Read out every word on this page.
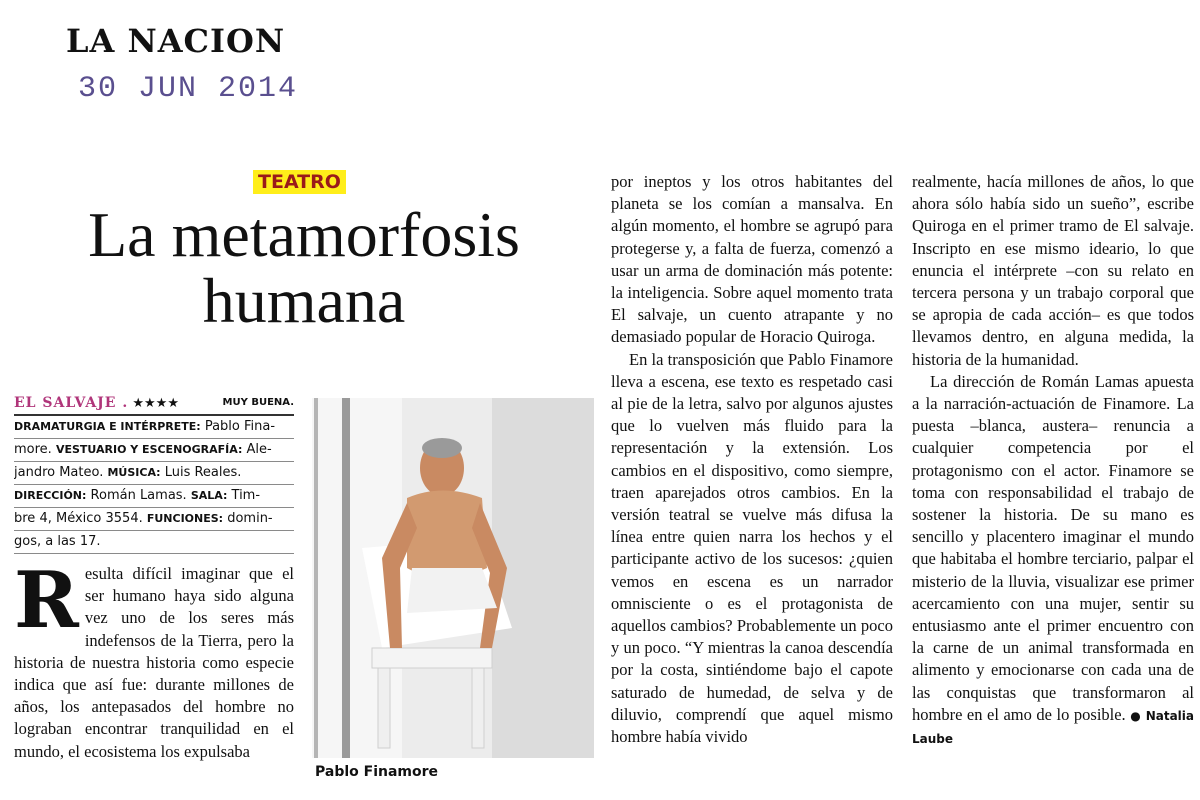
LA NACION
30 JUN 2014
TEATRO
La metamorfosis
humana
EL SALVAJE . ★★★★	MUY BUENA.
DRAMATURGIA E INTÉRPRETE: Pablo Fina-
more. VESTUARIO Y ESCENOGRAFÍA: Ale-
jandro Mateo. MÚSICA: Luis Reales.
DIRECCIÓN: Román Lamas. SALA: Tim-
bre 4, México 3554. FUNCIONES: domin-
gos, a las 17.
R esulta difícil imaginar que el ser humano haya sido alguna vez uno de los seres más indefensos de la Tierra, pero la historia de nuestra historia como especie indica que así fue: durante millones de años, los antepasados del hombre no lograban encontrar tranquilidad en el mundo, el ecosistema los expulsaba

Pablo Finamore

por ineptos y los otros habitantes del planeta se los comían a mansalva. En algún momento, el hombre se agrupó para protegerse y, a falta de fuerza, comenzó a usar un arma de dominación más potente: la inteligencia. Sobre aquel momento trata El salvaje, un cuento atrapante y no demasiado popular de Horacio Quiroga.

En la transposición que Pablo Finamore lleva a escena, ese texto es respetado casi al pie de la letra, salvo por algunos ajustes que lo vuelven más fluido para la representación y la extensión. Los cambios en el dispositivo, como siempre, traen aparejados otros cambios. En la versión teatral se vuelve más difusa la línea entre quien narra los hechos y el participante activo de los sucesos: ¿quien vemos en escena es un narrador omnisciente o es el protagonista de aquellos cambios? Probablemente un poco y un poco. “Y mientras la canoa descendía por la costa, sintiéndome bajo el capote saturado de humedad, de selva y de diluvio, comprendí que aquel mismo hombre había vivido

realmente, hacía millones de años, lo que ahora sólo había sido un sueño”, escribe Quiroga en el primer tramo de El salvaje. Inscripto en ese mismo ideario, lo que enuncia el intérprete –con su relato en tercera persona y un trabajo corporal que se apropia de cada acción– es que todos llevamos dentro, en alguna medida, la historia de la humanidad.

La dirección de Román Lamas apuesta a la narración-actuación de Finamore. La puesta –blanca, austera– renuncia a cualquier competencia por el protagonismo con el actor. Finamore se toma con responsabilidad el trabajo de sostener la historia. De su mano es sencillo y placentero imaginar el mundo que habitaba el hombre terciario, palpar el misterio de la lluvia, visualizar ese primer acercamiento con una mujer, sentir su entusiasmo ante el primer encuentro con la carne de un animal transformada en alimento y emocionarse con cada una de las conquistas que transformaron al hombre en el amo de lo posible. ● Natalia Laube
